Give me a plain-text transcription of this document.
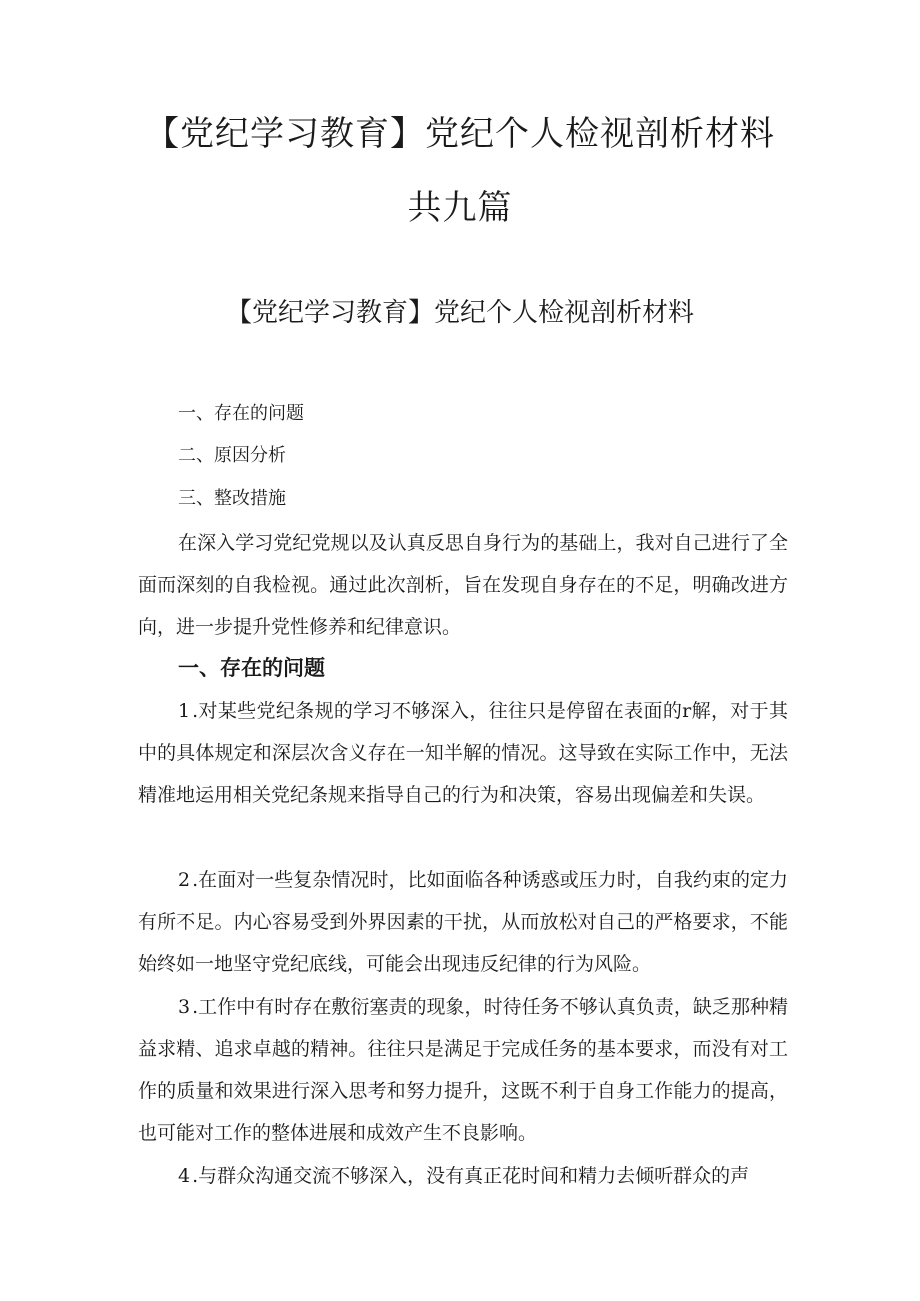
【党纪学习教育】党纪个人检视剖析材料
共九篇
【党纪学习教育】党纪个人检视剖析材料

一、存在的问题

二、原因分析

三、整改措施

在深入学习党纪党规以及认真反思自身行为的基础上，我对自己进行了全面而深刻的自我检视。通过此次剖析，旨在发现自身存在的不足，明确改进方向，进一步提升党性修养和纪律意识。

一、存在的问题

1 .对某些党纪条规的学习不够深入，往往只是停留在表面的r解，对于其中的具体规定和深层次含义存在一知半解的情况。这导致在实际工作中，无法精准地运用相关党纪条规来指导自己的行为和决策，容易出现偏差和失误。

2 .在面对一些复杂情况时，比如面临各种诱惑或压力时，自我约束的定力有所不足。内心容易受到外界因素的干扰，从而放松对自己的严格要求，不能始终如一地坚守党纪底线，可能会出现违反纪律的行为风险。

3 .工作中有时存在敷衍塞责的现象，时待任务不够认真负责，缺乏那种精益求精、追求卓越的精神。往往只是满足于完成任务的基本要求，而没有对工作的质量和效果进行深入思考和努力提升，这既不利于自身工作能力的提高，也可能对工作的整体进展和成效产生不良影响。

4 .与群众沟通交流不够深入，没有真正花时间和精力去倾听群众的声
